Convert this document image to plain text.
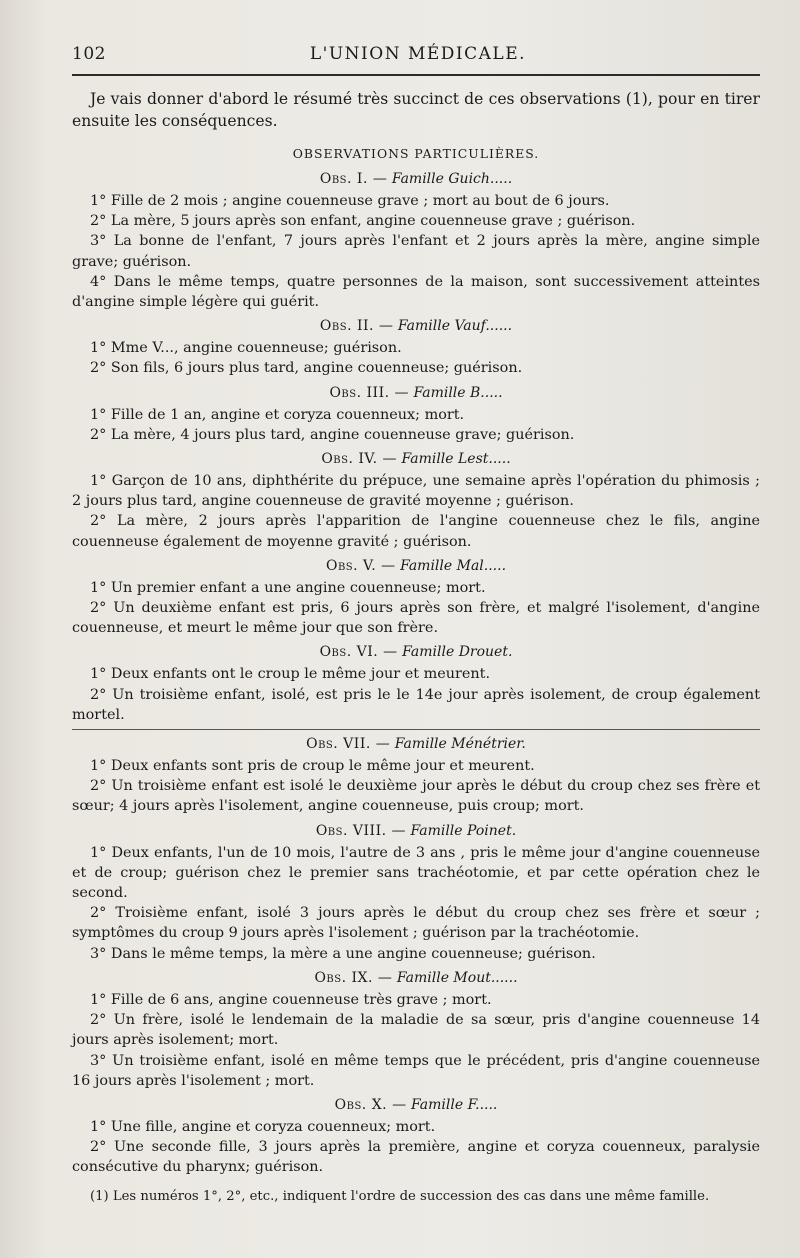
102	L'UNION MÉDICALE.

Je vais donner d'abord le résumé très succinct de ces observations (1), pour en tirer ensuite les conséquences.

OBSERVATIONS PARTICULIÈRES.
Obs. I. — Famille Guich.....

1° Fille de 2 mois ; angine couenneuse grave ; mort au bout de 6 jours.

2° La mère, 5 jours après son enfant, angine couenneuse grave ; guérison.

3° La bonne de l'enfant, 7 jours après l'enfant et 2 jours après la mère, angine simple grave; guérison.

4° Dans le même temps, quatre personnes de la maison, sont successivement atteintes d'angine simple légère qui guérit.

Obs. II. — Famille Vauf......

1° Mme V..., angine couenneuse; guérison.

2° Son fils, 6 jours plus tard, angine couenneuse; guérison.

Obs. III. — Famille B.....

1° Fille de 1 an, angine et coryza couenneux; mort.

2° La mère, 4 jours plus tard, angine couenneuse grave; guérison.

Obs. IV. — Famille Lest.....

1° Garçon de 10 ans, diphthérite du prépuce, une semaine après l'opération du phimosis ; 2 jours plus tard, angine couenneuse de gravité moyenne ; guérison.

2° La mère, 2 jours après l'apparition de l'angine couenneuse chez le fils, angine couenneuse également de moyenne gravité ; guérison.

Obs. V. — Famille Mal.....

1° Un premier enfant a une angine couenneuse; mort.

2° Un deuxième enfant est pris, 6 jours après son frère, et malgré l'isolement, d'angine couenneuse, et meurt le même jour que son frère.

Obs. VI. — Famille Drouet.

1° Deux enfants ont le croup le même jour et meurent.

2° Un troisième enfant, isolé, est pris le le 14e jour après isolement, de croup également mortel.

Obs. VII. — Famille Ménétrier.

1° Deux enfants sont pris de croup le même jour et meurent.

2° Un troisième enfant est isolé le deuxième jour après le début du croup chez ses frère et sœur; 4 jours après l'isolement, angine couenneuse, puis croup; mort.

Obs. VIII. — Famille Poinet.

1° Deux enfants, l'un de 10 mois, l'autre de 3 ans , pris le même jour d'angine couenneuse et de croup; guérison chez le premier sans trachéotomie, et par cette opération chez le second.

2° Troisième enfant, isolé 3 jours après le début du croup chez ses frère et sœur ; symptômes du croup 9 jours après l'isolement ; guérison par la trachéotomie.

3° Dans le même temps, la mère a une angine couenneuse; guérison.

Obs. IX. — Famille Mout......

1° Fille de 6 ans, angine couenneuse très grave ; mort.

2° Un frère, isolé le lendemain de la maladie de sa sœur, pris d'angine couenneuse 14 jours après isolement; mort.

3° Un troisième enfant, isolé en même temps que le précédent, pris d'angine couenneuse 16 jours après l'isolement ; mort.

Obs. X. — Famille F.....

1° Une fille, angine et coryza couenneux; mort.

2° Une seconde fille, 3 jours après la première, angine et coryza couenneux, paralysie consécutive du pharynx; guérison.

(1) Les numéros 1°, 2°, etc., indiquent l'ordre de succession des cas dans une même famille.
